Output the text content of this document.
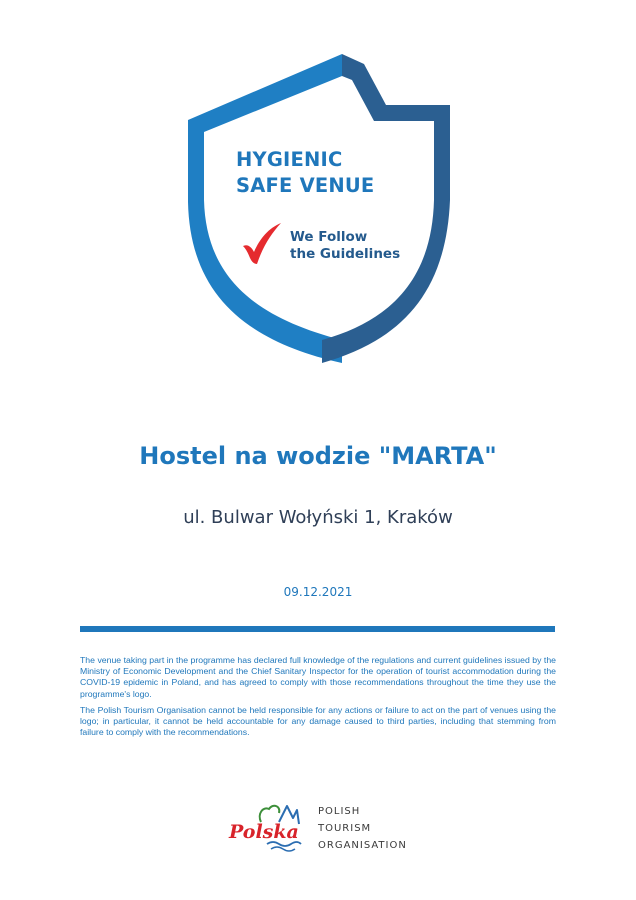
HYGIENIC
SAFE VENUE
We Follow
the Guidelines
Hostel na wodzie "MARTA"
ul. Bulwar Wołyński 1, Kraków
09.12.2021

The venue taking part in the programme has declared full knowledge of the regulations and current guidelines issued by the Ministry of Economic Development and the Chief Sanitary Inspector for the operation of tourist accommodation during the COVID-19 epidemic in Poland, and has agreed to comply with those recommendations throughout the time they use the programme's logo.

The Polish Tourism Organisation cannot be held responsible for any actions or failure to act on the part of venues using the logo; in particular, it cannot be held accountable for any damage caused to third parties, including that stemming from failure to comply with the recommendations.

Polska
POLISH
TOURISM
ORGANISATION
